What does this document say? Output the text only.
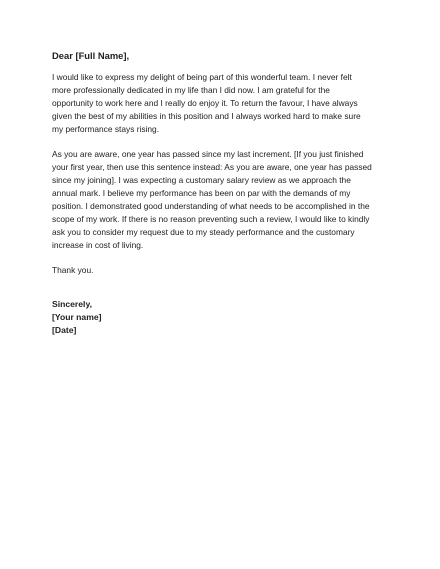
Dear [Full Name],
I would like to express my delight of being part of this wonderful team. I never felt
more professionally dedicated in my life than I did now. I am grateful for the
opportunity to work here and I really do enjoy it. To return the favour, I have always
given the best of my abilities in this position and I always worked hard to make sure
my performance stays rising.
As you are aware, one year has passed since my last increment. [If you just finished
your first year, then use this sentence instead: As you are aware, one year has passed
since my joining]. I was expecting a customary salary review as we approach the
annual mark. I believe my performance has been on par with the demands of my
position. I demonstrated good understanding of what needs to be accomplished in the
scope of my work. If there is no reason preventing such a review, I would like to kindly
ask you to consider my request due to my steady performance and the customary
increase in cost of living.
Thank you.
Sincerely,
[Your name]
[Date]
